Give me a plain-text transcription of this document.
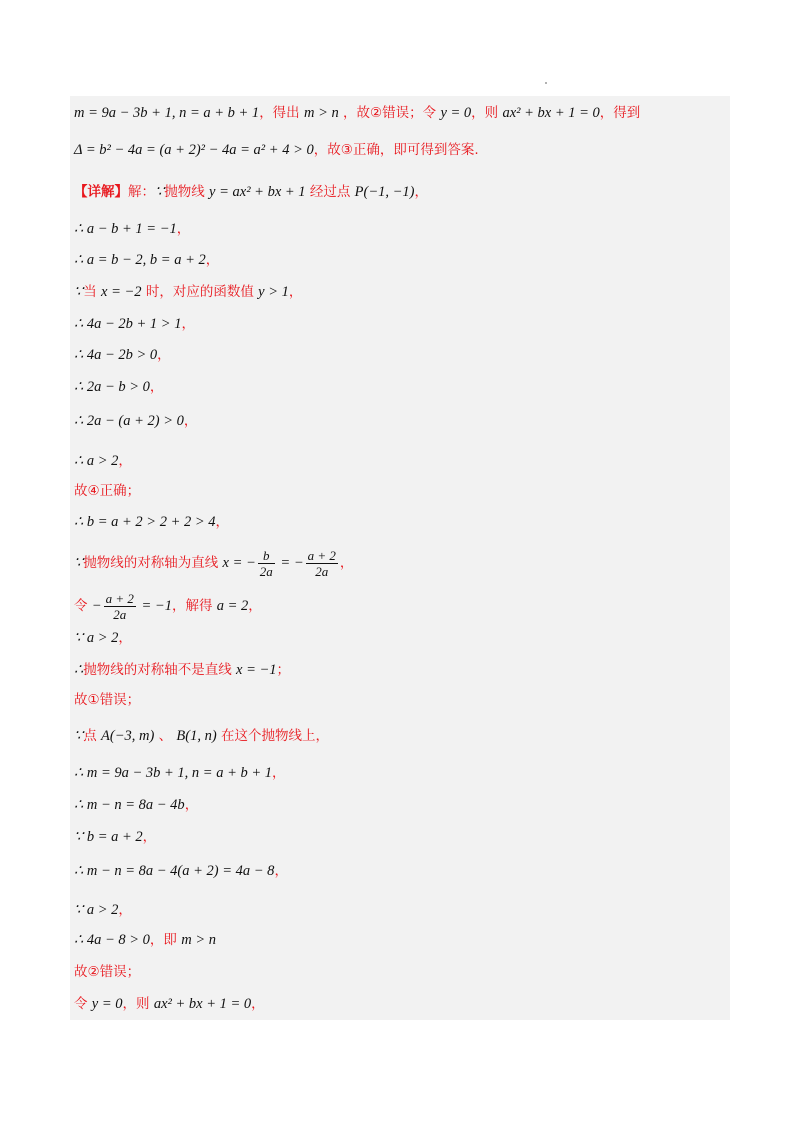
m = 9a − 3b + 1, n = a + b + 1，得出 m > n ，故②错误；令 y = 0，则 ax² + bx + 1 = 0，得到
Δ = b² − 4a = (a + 2)² − 4a = a² + 4 > 0，故③正确，即可得到答案.
【详解】解：∵抛物线 y = ax² + bx + 1 经过点 P(−1, −1)，
∴ a − b + 1 = −1，
∴ a = b − 2, b = a + 2，
∵当 x = −2 时，对应的函数值 y > 1，
∴ 4a − 2b + 1 > 1，
∴ 4a − 2b > 0，
∴ 2a − b > 0，
∴ 2a − (a + 2) > 0，
∴ a > 2，
故④正确；
∴ b = a + 2 > 2 + 2 > 4，
∵抛物线的对称轴为直线 x = − $\frac{b}{2a}$ = − $\frac{a + 2}{2a}$ ，
令 − $\frac{a + 2}{2a} = -1$，解得 a = 2，
∵ a > 2，
∴抛物线的对称轴不是直线 x = −1；
故①错误；
∵点 A(−3, m) 、 B(1, n) 在这个抛物线上，
∴ m = 9a − 3b + 1, n = a + b + 1，
∴ m − n = 8a − 4b，
∵ b = a + 2，
∴ m − n = 8a − 4(a + 2) = 4a − 8，
∵ a > 2，
∴ 4a − 8 > 0，即 m > n
故②错误；
令 y = 0，则 ax² + bx + 1 = 0，
